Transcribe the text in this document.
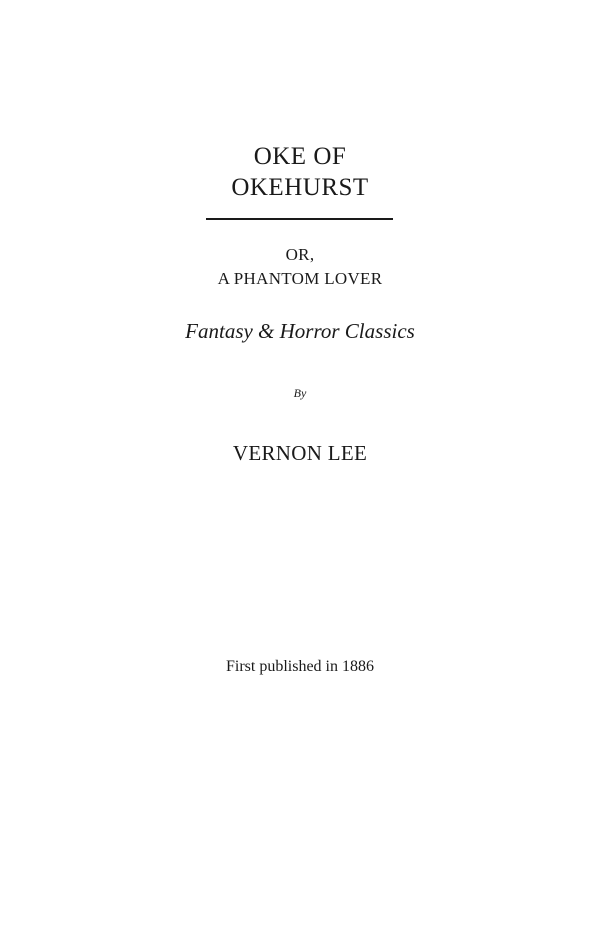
OKE OF
OKEHURST
OR,
A PHANTOM LOVER
Fantasy & Horror Classics
By
VERNON LEE
First published in 1886
